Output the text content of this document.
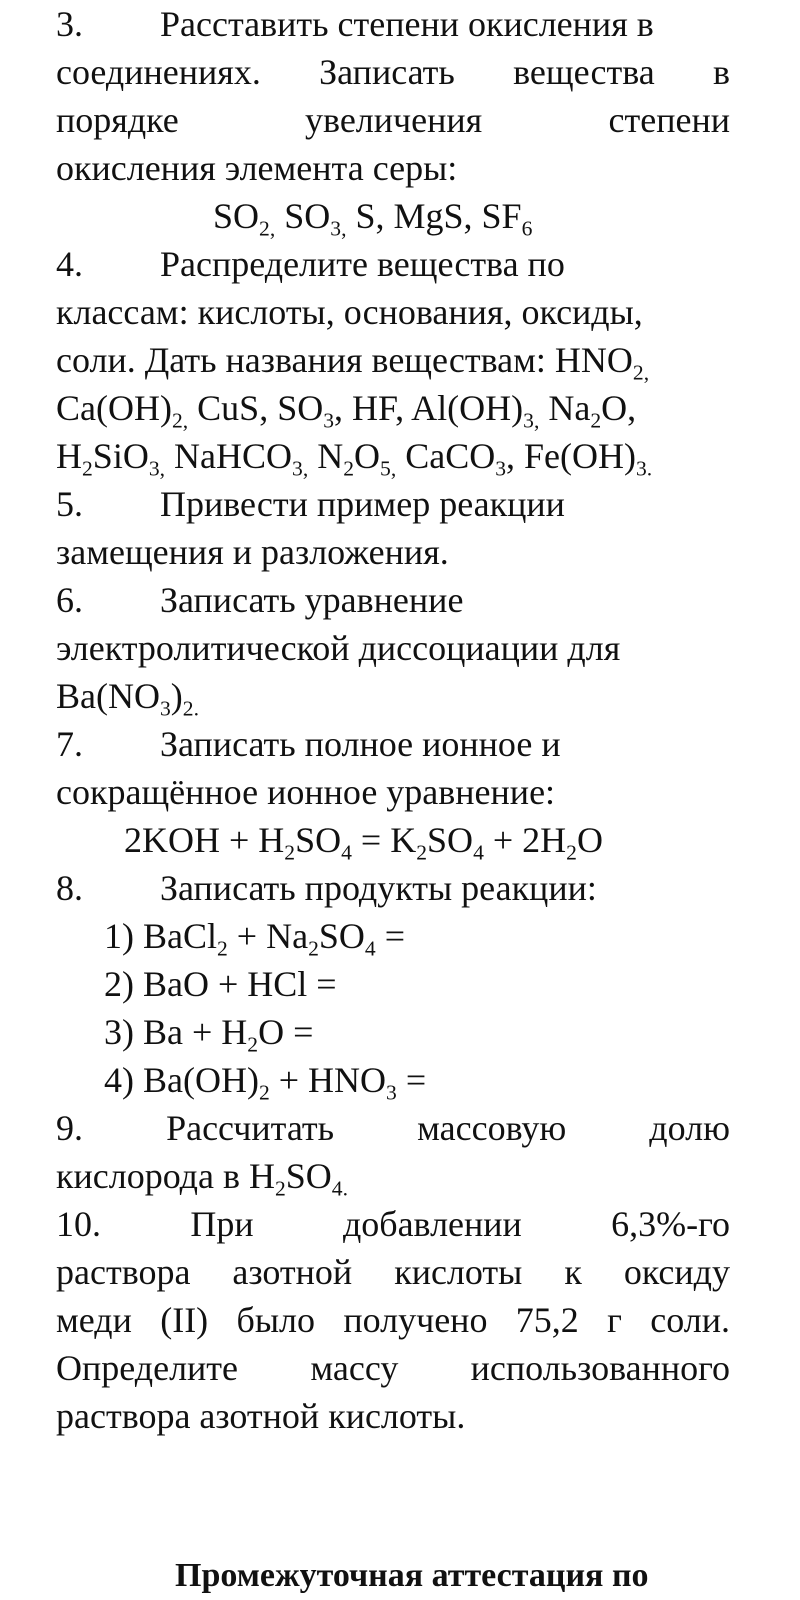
3. Расставить степени окисления в
соединениях. Записать вещества в
порядке увеличения степени
окисления элемента серы:
$SO_{2,}$ $SO_{3,}$ S, MgS, $SF_6$
4. Распределите вещества по
классам: кислоты, основания, оксиды,
соли. Дать названия веществам: $HNO_{2,}$
$Ca(OH)_{2,}$ CuS, $SO_3$, HF, $Al(OH)_{3,}$ $Na_2O$,
$H_2SiO_{3,}$ NaHCO$_{3,}$ $N_2O_{5,}$ CaCO$_3$, $Fe(OH)_{3.}$
5. Привести пример реакции
замещения и разложения.
6. Записать уравнение
электролитической диссоциации для
$Ba(NO_3)_{2.}$
7. Записать полное ионное и
сокращённое ионное уравнение:
$2KOH + H_2SO_4 = K_2SO_4 + 2H_2O$
8. Записать продукты реакции:
1) BaCl$_2$ + $Na_2SO_4$ =
2) BaO + HCl =
3) $Ba + H_2O$ =
4) $Ba(OH)_2 + HNO_3$ =
9. Рассчитать массовую долю
кислорода в $H_2SO_{4.}$
10. При добавлении 6,3%-го
раствора азотной кислоты к оксиду
меди (II) было получено 75,2 г соли.
Определите массу использованного
раствора азотной кислоты.
Промежуточная аттестация по
